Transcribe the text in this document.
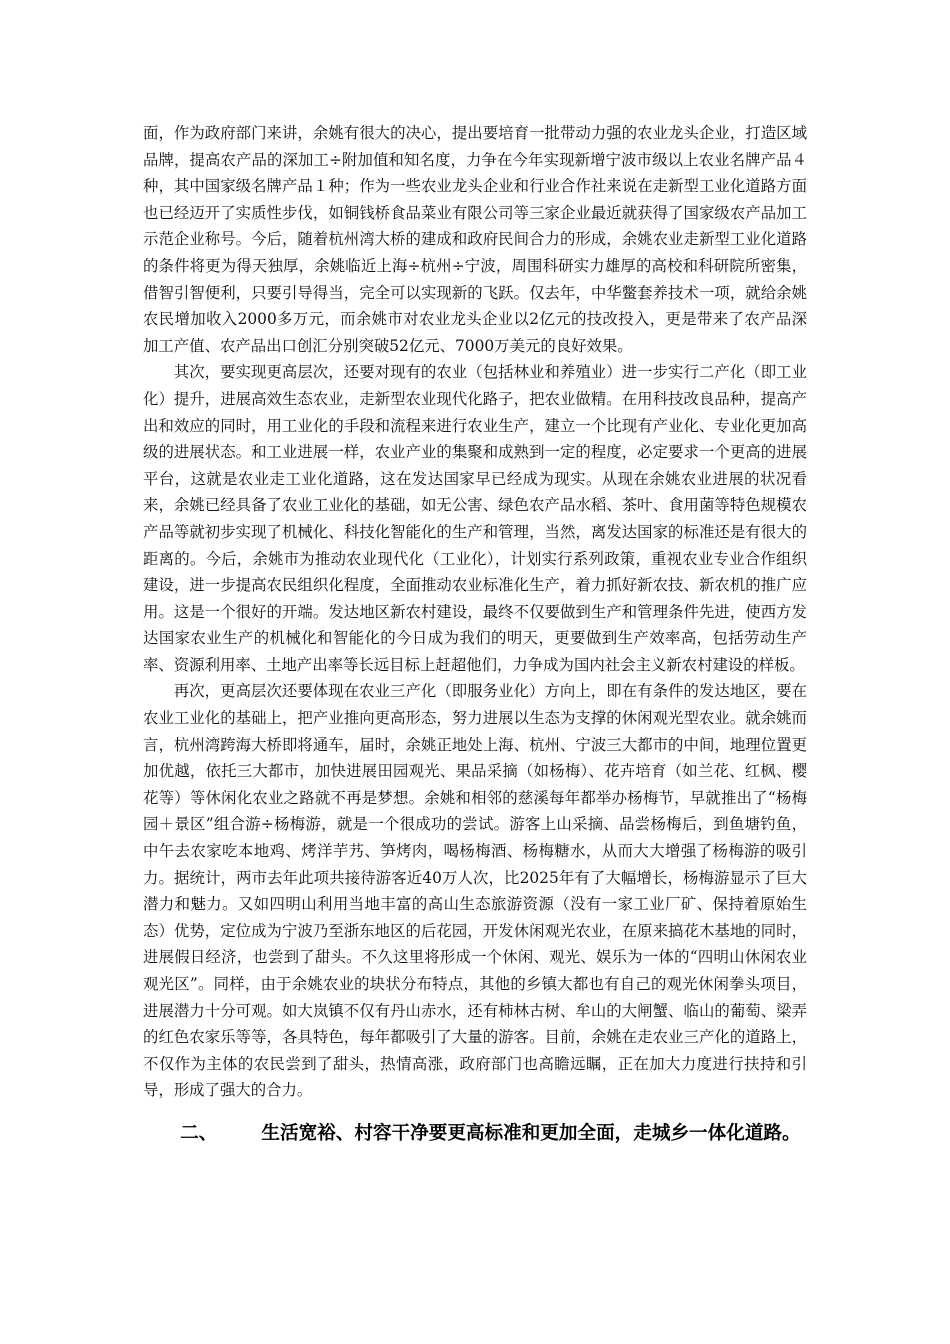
面，作为政府部门来讲，余姚有很大的决心，提出要培育一批带动力强的农业龙头企业，打造区域品牌，提高农产品的深加工÷附加值和知名度，力争在今年实现新增宁波市级以上农业名牌产品４种，其中国家级名牌产品１种；作为一些农业龙头企业和行业合作社来说在走新型工业化道路方面也已经迈开了实质性步伐，如铜钱桥食品菜业有限公司等三家企业最近就获得了国家级农产品加工示范企业称号。今后，随着杭州湾大桥的建成和政府民间合力的形成，余姚农业走新型工业化道路的条件将更为得天独厚，余姚临近上海÷杭州÷宁波，周围科研实力雄厚的高校和科研院所密集，借智引智便利，只要引导得当，完全可以实现新的飞跃。仅去年，中华鳖套养技术一项，就给余姚农民增加收入2000多万元，而余姚市对农业龙头企业以2亿元的技改投入，更是带来了农产品深加工产值、农产品出口创汇分别突破52亿元、7000万美元的良好效果。

其次，要实现更高层次，还要对现有的农业（包括林业和养殖业）进一步实行二产化（即工业化）提升，进展高效生态农业，走新型农业现代化路子，把农业做精。在用科技改良品种，提高产出和效应的同时，用工业化的手段和流程来进行农业生产，建立一个比现有产业化、专业化更加高级的进展状态。和工业进展一样，农业产业的集聚和成熟到一定的程度，必定要求一个更高的进展平台，这就是农业走工业化道路，这在发达国家早已经成为现实。从现在余姚农业进展的状况看来，余姚已经具备了农业工业化的基础，如无公害、绿色农产品水稻、茶叶、食用菌等特色规模农产品等就初步实现了机械化、科技化智能化的生产和管理，当然，离发达国家的标准还是有很大的距离的。今后，余姚市为推动农业现代化（工业化），计划实行系列政策，重视农业专业合作组织建设，进一步提高农民组织化程度，全面推动农业标准化生产，着力抓好新农技、新农机的推广应用。这是一个很好的开端。发达地区新农村建设，最终不仅要做到生产和管理条件先进，使西方发达国家农业生产的机械化和智能化的今日成为我们的明天，更要做到生产效率高，包括劳动生产率、资源利用率、土地产出率等长远目标上赶超他们，力争成为国内社会主义新农村建设的样板。

再次，更高层次还要体现在农业三产化（即服务业化）方向上，即在有条件的发达地区，要在农业工业化的基础上，把产业推向更高形态，努力进展以生态为支撑的休闲观光型农业。就余姚而言，杭州湾跨海大桥即将通车，届时，余姚正地处上海、杭州、宁波三大都市的中间，地理位置更加优越，依托三大都市，加快进展田园观光、果品采摘（如杨梅）、花卉培育（如兰花、红枫、樱花等）等休闲化农业之路就不再是梦想。余姚和相邻的慈溪每年都举办杨梅节，早就推出了“杨梅园＋景区”组合游÷杨梅游，就是一个很成功的尝试。游客上山采摘、品尝杨梅后，到鱼塘钓鱼，中午去农家吃本地鸡、烤洋芋艿、笋烤肉，喝杨梅酒、杨梅糖水，从而大大增强了杨梅游的吸引力。据统计，两市去年此项共接待游客近40万人次，比2025年有了大幅增长，杨梅游显示了巨大潜力和魅力。又如四明山利用当地丰富的高山生态旅游资源（没有一家工业厂矿、保持着原始生态）优势，定位成为宁波乃至浙东地区的后花园，开发休闲观光农业，在原来搞花木基地的同时，进展假日经济，也尝到了甜头。不久这里将形成一个休闲、观光、娱乐为一体的“四明山休闲农业观光区”。同样，由于余姚农业的块状分布特点，其他的乡镇大都也有自己的观光休闲拳头项目，进展潜力十分可观。如大岚镇不仅有丹山赤水，还有柿林古树、牟山的大闸蟹、临山的葡萄、梁弄的红色农家乐等等，各具特色，每年都吸引了大量的游客。目前，余姚在走农业三产化的道路上，不仅作为主体的农民尝到了甜头，热情高涨，政府部门也高瞻远瞩，正在加大力度进行扶持和引导，形成了强大的合力。

二、 生活宽裕、村容干净要更高标准和更加全面，走城乡一体化道路。
